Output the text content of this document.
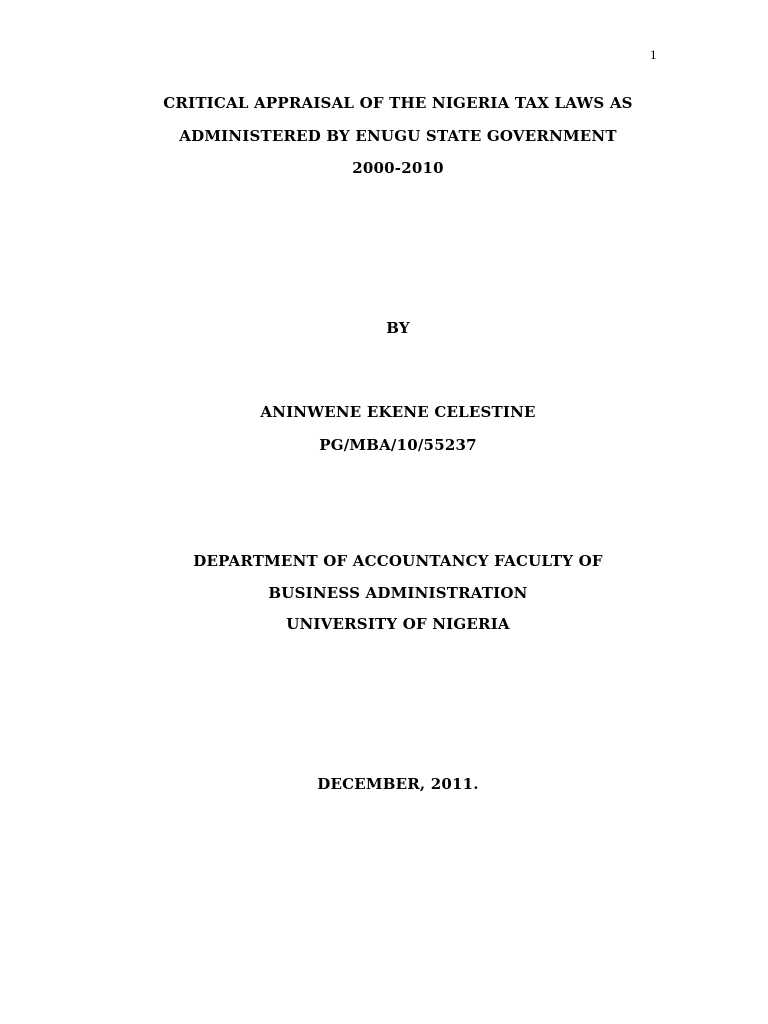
1
CRITICAL APPRAISAL OF THE NIGERIA TAX LAWS AS
ADMINISTERED BY ENUGU STATE GOVERNMENT
2000-2010
BY
ANINWENE EKENE CELESTINE
PG/MBA/10/55237
DEPARTMENT OF ACCOUNTANCY FACULTY OF
BUSINESS ADMINISTRATION
UNIVERSITY OF NIGERIA
DECEMBER, 2011.
